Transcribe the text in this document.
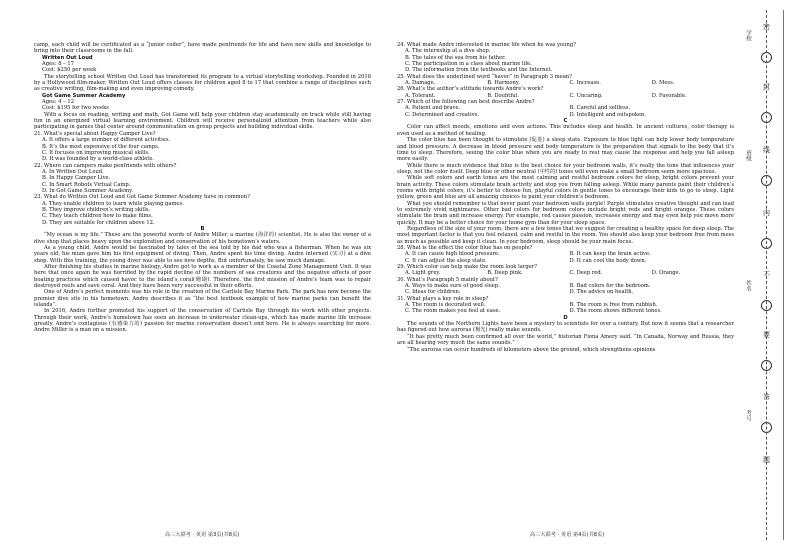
camp, each child will be certificated as a “junior coder”, have made penfriends for life and have new skills and knowledge to bring into their classrooms in the fall.

Written Out Loud

Ages: 8 – 17

Cost: $250 per week

The storytelling school Written Out Loud has transformed its program to a virtual storytelling workshop. Founded in 2018 by a Hollywood film-maker, Written Out Loud offers classes for children aged 8 to 17 that combine a range of disciplines such as creative writing, film-making and even improving comedy.

Got Game Summer Academy

Ages: 4 – 12

Cost: $195 for two weeks

With a focus on reading, writing and math, Got Game will help your children stay academically on track while still having fun in an energized virtual learning environment. Children will receive personalized attention from teachers while also participating in games that center around communication on group projects and building individual skills.

21. What’s special about Happy Camper Live?

A. It offers a large number of different activities.

B. It’s the most expensive of the four camps.

C. It focuses on improving musical skills.

D. It was founded by a world-class athlete.

22. Where can campers make penfriends with others?

A. In Written Out Loud.

B. In Happy Camper Live.

C. In Smart Robots Virtual Camp.

D. In Got Game Summer Academy.

23. What do Written Out Loud and Got Game Summer Academy have in common?

A. They enable children to learn while playing games.

B. They improve children’s writing skills.

C. They teach children how to make films.

D. They are suitable for children above 12.

B

“My ocean is my life.” These are the powerful words of Andre Miller, a marine (海洋的) scientist. He is also the owner of a dive shop that places heavy upon the exploration and conservation of his hometown’s waters.

As a young child, Andre would be fascinated by tales of the sea told by his dad who was a fisherman. When he was six years old, his mum gave him his first equipment of diving. Then, Andre spent his time diving. Andre interned (实习) at a dive shop. With this training, the young diver was able to see new depths. But unfortunately, he saw much damage.

After finishing his studies in marine biology, Andre got to work as a member of the Coastal Zone Management Unit. It was here that once again he was horrified by the rapid decline of the numbers of sea creatures and the negative effects of poor boating practices which caused havoc to the island’s coral(珊瑚). Therefore, the first mission of Andre’s team was to repair destroyed reefs and save coral. And they have been very successful in their efforts.

One of Andre’s perfect moments was his role in the creation of the Carlisle Bay Marine Park. The park has now become the premier dive site in his hometown. Andre describes it as “the best textbook example of how marine parks can benefit the islands”.

In 2016, Andre further promoted his support of the conservation of Carlisle Bay through his work with other projects. Through their work, Andre’s hometown has seen an increase in underwater clean-ups, which has made marine life increase greatly. Andre’s contagious (有感染力的) passion for marine conservation doesn’t end here. He is always searching for more. Andre Miller is a man on a mission.

24. What made Andre interested in marine life when he was young?

A. The internship at a dive shop.

B. The tales of the sea from his father.

C. The participation in a class about marine life.

D. The information from the textbooks and the Internet.

25. What does the underlined word “havoc” in Paragraph 3 mean?

A. Damage.	B. Harmony.	C. Increase.	D. Mess.

26. What’s the author’s attitude towards Andre’s work?

A. Tolerant.	B. Doubtful.	C. Uncaring.	D. Favorable.

27. Which of the following can best describe Andre?

A. Patient and brave.	B. Careful and selfless.
C. Determined and creative.	D. Intelligent and outspoken.

C

Color can affect moods, emotions and even actions. This includes sleep and health. In ancient cultures, color therapy is even used as a method of healing.

The color blue has been thought to stimulate (促进) a sleep state. Exposure to blue light can help lower body temperature and blood pressure. A decrease in blood pressure and body temperature is the preparation that signals to the body that it’s time to sleep. Therefore, seeing the color blue when you are ready to rest may cause the response and help you fall asleep more easily.

While there is much evidence that blue is the best choice for your bedroom walls, it’s really the tone that influences your sleep, not the color itself. Deep blue or other neutral (中性的) tones will even make a small bedroom seem more spacious.

While soft colors and earth tones are the most calming and restful bedroom colors for sleep, bright colors prevent your brain activity. These colors stimulate brain activity and stop you from falling asleep. While many parents paint their children’s rooms with bright colors, it’s better to choose fun, playful colors in gentle tones to encourage their kids to go to sleep. Light yellow, green and blue are all amazing choices to paint your children’s bedroom.

What you should remember is that never paint your bedroom walls purple! Purple stimulates creative thought and can lead to extremely vivid nightmares. Other bad colors for bedroom colors include bright reds and bright oranges. These colors stimulate the brain and increase energy. For example, red causes passion, increases energy and may even help you move more quickly. It may be a better choice for your home gym than for your sleep space.

Regardless of the size of your room, there are a few tones that we suggest for creating a healthy space for deep sleep. The most important factor is that you feel relaxed, calm and restful in the room. You should also keep your bedroom free from mess as much as possible and keep it clean. In your bedroom, sleep should be your main focus.

28. What is the effect the color blue has on people?

A. It can cause high blood pressure.	B. It can keep the brain active.
C. It can adjust the sleep state.	D. It can cool the body down.

29. Which color can help make the room look larger?

A. Light grey.	B. Deep pink.	C. Deep red.	D. Orange.

30. What’s Paragraph 5 mainly about?

A. Ways to make sure of good sleep.	B. Bad colors for the bedroom.
C. Ideas for children.	D. The advice on health.

31. What plays a key role in sleep?

A. The room is decorated well.	B. The room is free from rubbish.
C. The room makes you feel at ease.	D. The room shows different tones.

D

The sounds of the Northern Lights have been a mystery to scientists for over a century. But now it seems that a researcher has figured out how auroras (极光) really make sounds.

“It has pretty much been confirmed all over the world,” historian Fiona Amery said. “In Canada, Norway and Russia, they are all hearing very much the same sounds.”

“The auroras can occur hundreds of kilometers above the ground, which strengthens opinions

高三大联考 · 英语 第3页(共8页)	高三大联考 · 英语 第4页(共8页)
密
封
线
内
不
要
答
题
学校
班级
姓名
考号
